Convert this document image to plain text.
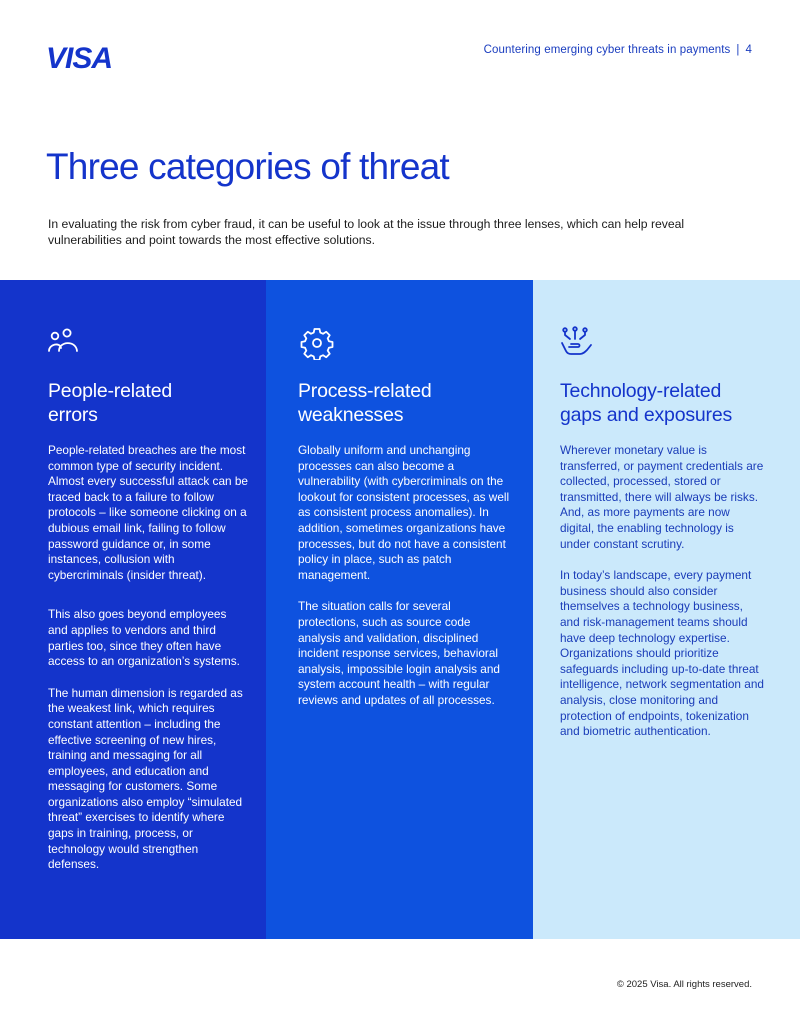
VISA	Countering emerging cyber threats in payments | 4
Three categories of threat

In evaluating the risk from cyber fraud, it can be useful to look at the issue through three lenses, which can help reveal vulnerabilities and point towards the most effective solutions.

People-related
errors

People-related breaches are the most common type of security incident. Almost every successful attack can be traced back to a failure to follow protocols – like someone clicking on a dubious email link, failing to follow password guidance or, in some instances, collusion with cybercriminals (insider threat).

This also goes beyond employees and applies to vendors and third parties too, since they often have access to an organization’s systems.

The human dimension is regarded as the weakest link, which requires constant attention – including the effective screening of new hires, training and messaging for all employees, and education and messaging for customers. Some organizations also employ “simulated threat” exercises to identify where gaps in training, process, or technology would strengthen defenses.

Process-related
weaknesses

Globally uniform and unchanging processes can also become a vulnerability (with cybercriminals on the lookout for consistent processes, as well as consistent process anomalies). In addition, sometimes organizations have processes, but do not have a consistent policy in place, such as patch management.

The situation calls for several protections, such as source code analysis and validation, disciplined incident response services, behavioral analysis, impossible login analysis and system account health – with regular reviews and updates of all processes.

Technology-related
gaps and exposures

Wherever monetary value is transferred, or payment credentials are collected, processed, stored or transmitted, there will always be risks. And, as more payments are now digital, the enabling technology is under constant scrutiny.

In today’s landscape, every payment business should also consider themselves a technology business, and risk-management teams should have deep technology expertise. Organizations should prioritize safeguards including up-to-date threat intelligence, network segmentation and analysis, close monitoring and protection of endpoints, tokenization and biometric authentication.

© 2025 Visa. All rights reserved.
